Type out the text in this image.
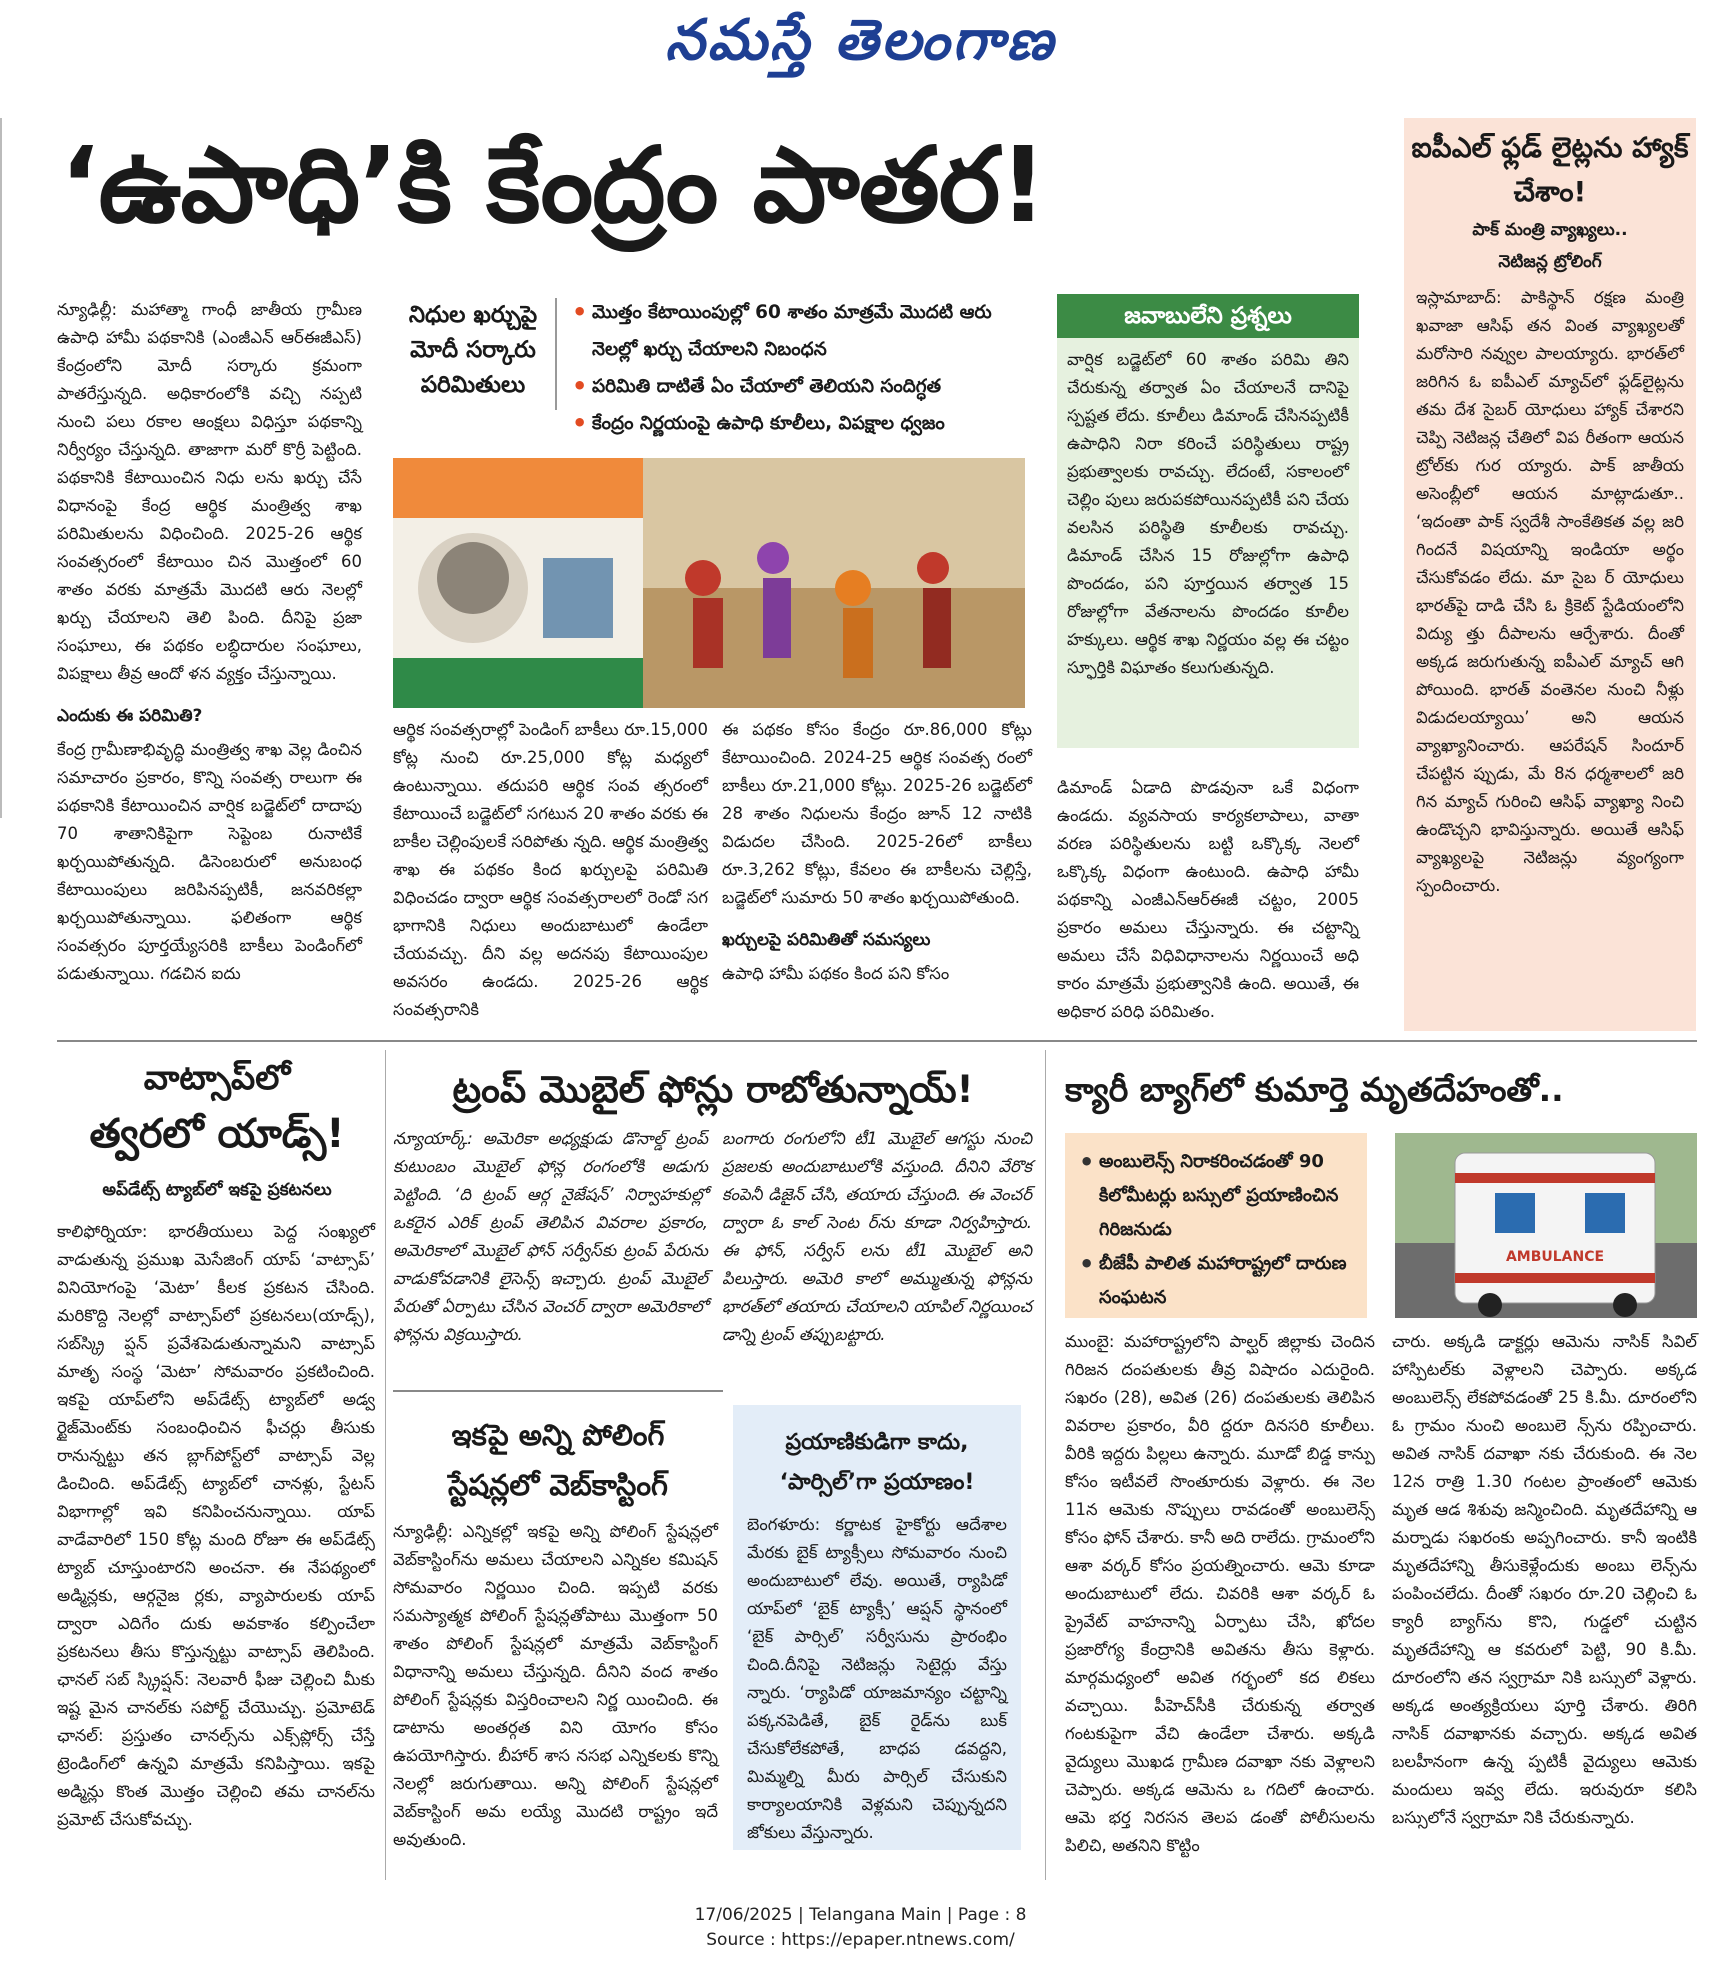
నమస్తే తెలంగాణ
‘ఉపాధి’కి కేంద్రం పాతర!

న్యూఢిల్లీ: మహాత్మా గాంధీ జాతీయ గ్రామీణ ఉపాధి హామీ పథకానికి (ఎంజీఎన్ ఆర్ఈజీఎస్) కేంద్రంలోని మోదీ సర్కారు క్రమంగా పాతరేస్తున్నది. అధికారంలోకి వచ్చి నప్పటి నుంచి పలు రకాల ఆంక్షలు విధిస్తూ పథకాన్ని నిర్వీర్యం చేస్తున్నది. తాజాగా మరో కొర్రీ పెట్టింది. పథకానికి కేటాయించిన నిధు లను ఖర్చు చేసే విధానంపై కేంద్ర ఆర్థిక మంత్రిత్వ శాఖ పరిమితులను విధించింది. 2025-26 ఆర్థిక సంవత్సరంలో కేటాయిం చిన మొత్తంలో 60 శాతం వరకు మాత్రమే మొదటి ఆరు నెలల్లో ఖర్చు చేయాలని తెలి పింది. దీనిపై ప్రజా సంఘాలు, ఈ పథకం లబ్ధిదారుల సంఘాలు, విపక్షాలు తీవ్ర ఆందో ళన వ్యక్తం చేస్తున్నాయి.

ఎందుకు ఈ పరిమితి?

కేంద్ర గ్రామీణాభివృద్ధి మంత్రిత్వ శాఖ వెల్ల డించిన సమాచారం ప్రకారం, కొన్ని సంవత్స రాలుగా ఈ పథకానికి కేటాయించిన వార్షిక బడ్జెట్‌లో దాదాపు 70 శాతానికిపైగా సెప్టెంబ రునాటికే ఖర్చయిపోతున్నది. డిసెంబరులో అనుబంధ కేటాయింపులు జరిపినప్పటికీ, జనవరికల్లా ఖర్చయిపోతున్నాయి. ఫలితంగా ఆర్థిక సంవత్సరం పూర్తయ్యేసరికి బాకీలు పెండింగ్‌లో పడుతున్నాయి. గడచిన ఐదు

నిధుల ఖర్చుపై మోదీ సర్కారు పరిమితులు
• మొత్తం కేటాయింపుల్లో 60 శాతం మాత్రమే మొదటి ఆరు నెలల్లో ఖర్చు చేయాలని నిబంధన
• పరిమితి దాటితే ఏం చేయాలో తెలియని సందిగ్ధత
• కేంద్రం నిర్ణయంపై ఉపాధి కూలీలు, విపక్షాల ధ్వజం

ఆర్థిక సంవత్సరాల్లో పెండింగ్ బాకీలు రూ.15,000 కోట్ల నుంచి రూ.25,000 కోట్ల మధ్యలో ఉంటున్నాయి. తదుపరి ఆర్థిక సంవ త్సరంలో కేటాయించే బడ్జెట్‌లో సగటున 20 శాతం వరకు ఈ బాకీల చెల్లింపులకే సరిపోతు న్నది. ఆర్థిక మంత్రిత్వ శాఖ ఈ పథకం కింద ఖర్చులపై పరిమితి విధించడం ద్వారా ఆర్థిక సంవత్సరాలలో రెండో సగ భాగానికి నిధులు అందుబాటులో ఉండేలా చేయవచ్చు. దీని వల్ల అదనపు కేటాయింపుల అవసరం ఉండదు. 2025-26 ఆర్థిక సంవత్సరానికి

ఈ పథకం కోసం కేంద్రం రూ.86,000 కోట్లు కేటాయించింది. 2024-25 ఆర్థిక సంవత్స రంలో బాకీలు రూ.21,000 కోట్లు. 2025-26 బడ్జెట్‌లో 28 శాతం నిధులను కేంద్రం జూన్ 12 నాటికి విడుదల చేసింది. 2025-26లో బాకీలు రూ.3,262 కోట్లు, కేవలం ఈ బాకీలను చెల్లిస్తే, బడ్జెట్‌లో సుమారు 50 శాతం ఖర్చయిపోతుంది.

ఖర్చులపై పరిమితితో సమస్యలు

ఉపాధి హామీ పథకం కింద పని కోసం

జవాబులేని ప్రశ్నలు

వార్షిక బడ్జెట్‌లో 60 శాతం పరిమి తిని చేరుకున్న తర్వాత ఏం చేయాలనే దానిపై స్పష్టత లేదు. కూలీలు డిమాండ్ చేసినప్పటికీ ఉపాధిని నిరా కరించే పరిస్థితులు రాష్ట్ర ప్రభుత్వాలకు రావచ్చు. లేదంటే, సకాలంలో చెల్లిం పులు జరుపకపోయినప్పటికీ పని చేయ వలసిన పరిస్థితి కూలీలకు రావచ్చు. డిమాండ్ చేసిన 15 రోజుల్లోగా ఉపాధి పొందడం, పని పూర్తయిన తర్వాత 15 రోజుల్లోగా వేతనాలను పొందడం కూలీల హక్కులు. ఆర్థిక శాఖ నిర్ణయం వల్ల ఈ చట్టం స్ఫూర్తికి విఘాతం కలుగుతున్నది.

డిమాండ్ ఏడాది పొడవునా ఒకే విధంగా ఉండదు. వ్యవసాయ కార్యకలాపాలు, వాతా వరణ పరిస్థితులను బట్టి ఒక్కొక్క నెలలో ఒక్కొక్క విధంగా ఉంటుంది. ఉపాధి హామీ పథకాన్ని ఎంజీఎన్ఆర్ఈజీ చట్టం, 2005 ప్రకారం అమలు చేస్తున్నారు. ఈ చట్టాన్ని అమలు చేసే విధివిధానాలను నిర్ణయించే అధి కారం మాత్రమే ప్రభుత్వానికి ఉంది. అయితే, ఈ అధికార పరిధి పరిమితం.

ఐపీఎల్ ఫ్లడ్ లైట్లను హ్యాక్ చేశాం!
పాక్ మంత్రి వ్యాఖ్యలు..
నెటిజన్ల ట్రోలింగ్

ఇస్లామాబాద్: పాకిస్థాన్ రక్షణ మంత్రి ఖవాజా ఆసిఫ్ తన వింత వ్యాఖ్యలతో మరోసారి నవ్వుల పాలయ్యారు. భారత్‌లో జరిగిన ఓ ఐపీఎల్ మ్యాచ్‌లో ఫ్లడ్‌లైట్లను తమ దేశ సైబర్ యోధులు హ్యాక్ చేశారని చెప్పి నెటిజన్ల చేతిలో విప రీతంగా ఆయన ట్రోల్‌కు గుర య్యారు. పాక్ జాతీయ అసెంబ్లీలో ఆయన మాట్లాడుతూ.. ‘ఇదంతా పాక్ స్వదేశీ సాంకేతికత వల్ల జరి గిందనే విషయాన్ని ఇండియా అర్థం చేసుకోవడం లేదు. మా సైబ ర్ యోధులు భారత్‌పై దాడి చేసి ఓ క్రికెట్ స్టేడియంలోని విద్యు త్తు దీపాలను ఆర్పేశారు. దీంతో అక్కడ జరుగుతున్న ఐపీఎల్ మ్యాచ్ ఆగి పోయింది. భారత్ వంతెనల నుంచి నీళ్లు విడుదలయ్యాయి’ అని ఆయన వ్యాఖ్యానించారు. ఆపరేషన్ సిందూర్ చేపట్టిన ప్పుడు, మే 8న ధర్మశాలలో జరి గిన మ్యాచ్ గురించి ఆసిఫ్ వ్యాఖ్యా నించి ఉండొచ్చని భావిస్తున్నారు. అయితే ఆసిఫ్ వ్యాఖ్యలపై నెటిజన్లు వ్యంగ్యంగా స్పందించారు.

వాట్సాప్‌లో
త్వరలో యాడ్స్!
అప్‌డేట్స్ ట్యాబ్‌లో ఇకపై ప్రకటనలు

కాలిఫోర్నియా: భారతీయులు పెద్ద సంఖ్యలో వాడుతున్న ప్రముఖ మెసేజింగ్ యాప్ ‘వాట్సాప్’ వినియోగంపై ‘మెటా’ కీలక ప్రకటన చేసింది. మరికొద్ది నెలల్లో వాట్సాప్‌లో ప్రకటనలు(యాడ్స్), సబ్‌స్క్రి ప్షన్ ప్రవేశపెడుతున్నామని వాట్సాప్ మాతృ సంస్థ ‘మెటా’ సోమవారం ప్రకటించింది. ఇకపై యాప్‌లోని అప్‌డేట్స్ ట్యాబ్‌లో అడ్వ ర్టైజ్‌మెంట్‌కు సంబంధించిన ఫీచర్లు తీసుకు రానున్నట్టు తన బ్లాగ్‌పోస్ట్‌లో వాట్సాప్ వెల్ల డించింది. అప్‌డేట్స్ ట్యాబ్‌లో చానళ్లు, స్టేటస్ విభాగాల్లో ఇవి కనిపించనున్నాయి. యాప్ వాడేవారిలో 150 కోట్ల మంది రోజూ ఈ అప్‌డేట్స్ ట్యాబ్ చూస్తుంటారని అంచనా. ఈ నేపథ్యంలో అడ్మిన్లకు, ఆర్గనైజ ర్లకు, వ్యాపారులకు యాప్ ద్వారా ఎదిగేం దుకు అవకాశం కల్పించేలా ప్రకటనలు తీసు కొస్తున్నట్టు వాట్సాప్ తెలిపింది. ఛానల్ సబ్ స్క్రిప్షన్: నెలవారీ ఫీజు చెల్లించి మీకు ఇష్ట మైన చానల్‌కు సపోర్ట్ చేయొచ్చు. ప్రమోటెడ్ ఛానల్: ప్రస్తుతం చానల్స్‌ను ఎక్స్‌ప్లోర్స్ చేస్తే ట్రెండింగ్‌లో ఉన్నవి మాత్రమే కనిపిస్తాయి. ఇకపై అడ్మిన్లు కొంత మొత్తం చెల్లించి తమ చానల్‌ను ప్రమోట్ చేసుకోవచ్చు.

ట్రంప్ మొబైల్ ఫోన్లు రాబోతున్నాయ్!

న్యూయార్క్: అమెరికా అధ్యక్షుడు డొనాల్డ్ ట్రంప్ కుటుంబం మొబైల్ ఫోన్ల రంగంలోకి అడుగు పెట్టింది. ‘ది ట్రంప్ ఆర్గ నైజేషన్’ నిర్వాహకుల్లో ఒకరైన ఎరిక్ ట్రంప్ తెలిపిన వివరాల ప్రకారం, అమెరికాలో మొబైల్ ఫోన్ సర్వీస్‌కు ట్రంప్ పేరును వాడుకోవడానికి లైసెన్స్ ఇచ్చారు. ట్రంప్ మొబైల్ పేరుతో ఏర్పాటు చేసిన వెంచర్ ద్వారా అమెరికాలో ఫోన్లను విక్రయిస్తారు.

బంగారు రంగులోని టీ1 మొబైల్ ఆగస్టు నుంచి ప్రజలకు అందుబాటులోకి వస్తుంది. దీనిని వేరొక కంపెనీ డిజైన్ చేసి, తయారు చేస్తుంది. ఈ వెంచర్ ద్వారా ఓ కాల్ సెంట ర్‌ను కూడా నిర్వహిస్తారు. ఈ ఫోన్, సర్వీస్ లను టీ1 మొబైల్ అని పిలుస్తారు. అమెరి కాలో అమ్ముతున్న ఫోన్లను భారత్‌లో తయారు చేయాలని యాపిల్ నిర్ణయించ డాన్ని ట్రంప్ తప్పుబట్టారు.

ఇకపై అన్ని పోలింగ్
స్టేషన్లలో వెబ్‌కాస్టింగ్

న్యూఢిల్లీ: ఎన్నికల్లో ఇకపై అన్ని పోలింగ్ స్టేషన్లలో వెబ్‌కాస్టింగ్‌ను అమలు చేయాలని ఎన్నికల కమిషన్ సోమవారం నిర్ణయిం చింది. ఇప్పటి వరకు సమస్యాత్మక పోలింగ్ స్టేషన్లతోపాటు మొత్తంగా 50 శాతం పోలింగ్ స్టేషన్లలో మాత్రమే వెబ్‌కాస్టింగ్ విధానాన్ని అమలు చేస్తున్నది. దీనిని వంద శాతం పోలింగ్ స్టేషన్లకు విస్తరించాలని నిర్ణ యించింది. ఈ డాటాను అంతర్గత విని యోగం కోసం ఉపయోగిస్తారు. బీహార్ శాస నసభ ఎన్నికలకు కొన్ని నెలల్లో జరుగుతాయి. అన్ని పోలింగ్ స్టేషన్లలో వెబ్‌కాస్టింగ్ అమ లయ్యే మొదటి రాష్ట్రం ఇదే అవుతుంది.

ప్రయాణికుడిగా కాదు,
‘పార్సిల్’గా ప్రయాణం!

బెంగళూరు: కర్ణాటక హైకోర్టు ఆదేశాల మేరకు బైక్ ట్యాక్సీలు సోమవారం నుంచి అందుబాటులో లేవు. అయితే, ర్యాపిడో యాప్‌లో ‘బైక్ ట్యాక్సీ’ ఆప్షన్ స్థానంలో ‘బైక్ పార్సిల్’ సర్వీసును ప్రారంభిం చింది.దీనిపై నెటిజన్లు సెటైర్లు వేస్తు న్నారు. ‘ర్యాపిడో యాజమాన్యం చట్టాన్ని పక్కనపెడితే, బైక్ రైడ్‌ను బుక్ చేసుకోలేకపోతే, బాధప డవద్దని, మిమ్మల్ని మీరు పార్సిల్ చేసుకుని కార్యాలయానికి వెళ్లమని చెప్పున్నదని జోకులు వేస్తున్నారు.

క్యారీ బ్యాగ్‌లో కుమార్తె మృతదేహంతో..
• అంబులెన్స్ నిరాకరించడంతో 90 కిలోమీటర్లు బస్సులో ప్రయాణించిన గిరిజనుడు
• బీజేపీ పాలిత మహారాష్ట్రలో దారుణ సంఘటన
AMBULANCE

ముంబై: మహారాష్ట్రలోని పాల్ఘర్ జిల్లాకు చెందిన గిరిజన దంపతులకు తీవ్ర విషాదం ఎదురైంది. సఖరం (28), అవిత (26) దంపతులకు తెలిపిన వివరాల ప్రకారం, వీరి ద్దరూ దినసరి కూలీలు. వీరికి ఇద్దరు పిల్లలు ఉన్నారు. మూడో బిడ్డ కాన్పు కోసం ఇటీవలే సొంతూరుకు వెళ్లారు. ఈ నెల 11న ఆమెకు నొప్పులు రావడంతో అంబులెన్స్ కోసం ఫోన్ చేశారు. కానీ అది రాలేదు. గ్రామంలోని ఆశా వర్కర్ కోసం ప్రయత్నించారు. ఆమె కూడా అందుబాటులో లేదు. చివరికి ఆశా వర్కర్ ఓ ప్రైవేట్ వాహనాన్ని ఏర్పాటు చేసి, ఖోదల ప్రజారోగ్య కేంద్రానికి అవితను తీసు కెళ్లారు. మార్గమధ్యంలో అవిత గర్భంలో కద లికలు వచ్చాయి. పీహెచ్‌సీకి చేరుకున్న తర్వాత గంటకుపైగా వేచి ఉండేలా చేశారు. అక్కడి వైద్యులు మొఖడ గ్రామీణ దవాఖా నకు వెళ్లాలని చెప్పారు. అక్కడ ఆమెను ఒ గదిలో ఉంచారు. ఆమె భర్త నిరసన తెలప డంతో పోలీసులను పిలిచి, అతనిని కొట్టిం

చారు. అక్కడి డాక్టర్లు ఆమెను నాసిక్ సివిల్ హాస్పిటల్‌కు వెళ్లాలని చెప్పారు. అక్కడ అంబులెన్స్ లేకపోవడంతో 25 కి.మీ. దూరంలోని ఓ గ్రామం నుంచి అంబులె న్స్‌ను రప్పించారు. అవిత నాసిక్ దవాఖా నకు చేరుకుంది. ఈ నెల 12న రాత్రి 1.30 గంటల ప్రాంతంలో ఆమెకు మృత ఆడ శిశువు జన్మించింది. మృతదేహాన్ని ఆ మర్నాడు సఖరంకు అప్పగించారు. కానీ ఇంటికి మృతదేహాన్ని తీసుకెళ్లేందుకు అంబు లెన్స్‌ను పంపించలేదు. దీంతో సఖరం రూ.20 చెల్లించి ఓ క్యారీ బ్యాగ్‌ను కొని, గుడ్డలో చుట్టిన మృతదేహాన్ని ఆ కవరులో పెట్టి, 90 కి.మీ. దూరంలోని తన స్వగ్రామా నికి బస్సులో వెళ్లారు. అక్కడ అంత్యక్రియలు పూర్తి చేశారు. తిరిగి నాసిక్ దవాఖానకు వచ్చారు. అక్కడ అవిత బలహీనంగా ఉన్న ప్పటికీ వైద్యులు ఆమెకు మందులు ఇవ్వ లేదు. ఇరువురూ కలిసి బస్సులోనే స్వగ్రామా నికి చేరుకున్నారు.

17/06/2025 | Telangana Main | Page : 8
Source : https://epaper.ntnews.com/
